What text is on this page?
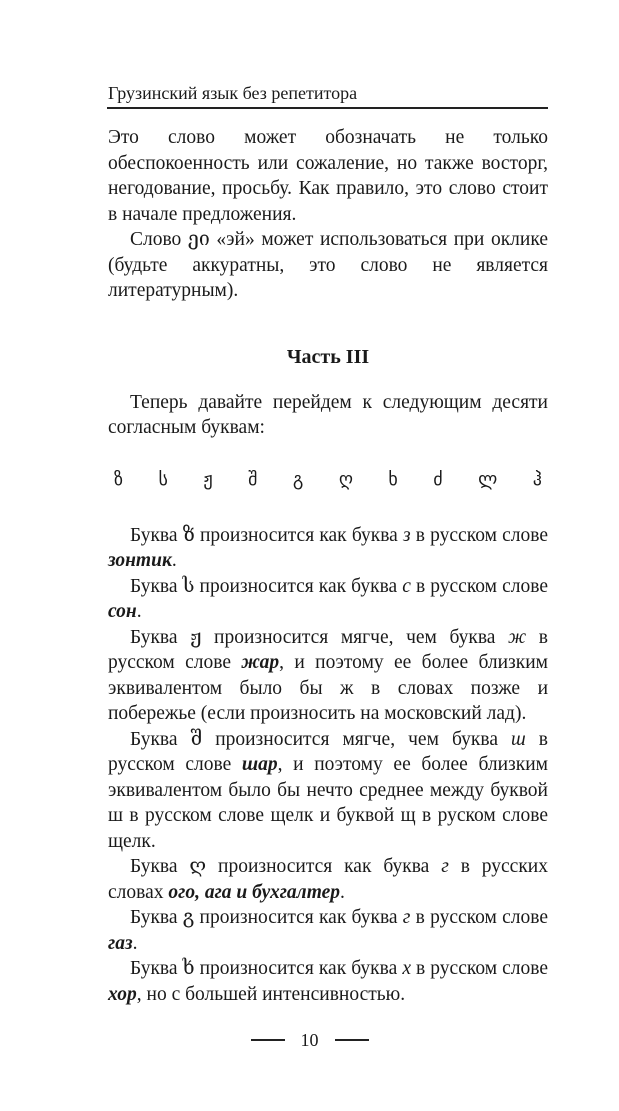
Грузинский язык без репетитора

Это слово может обозначать не только обеспокоенность или сожаление, но также восторг, негодование, просьбу. Как правило, это слово стоит в начале предложения.

Слово ეი «эй» может использоваться при оклике (будьте аккуратны, это слово не является литературным).

Часть III

Теперь давайте перейдем к следующим десяти согласным буквам:

ზ ს ჟ შ გ ღ ხ ძ ლ ჰ

Буква ზ произносится как буква з в русском слове зонтик.

Буква ს произносится как буква с в русском слове сон.

Буква ჟ произносится мягче, чем буква ж в русском слове жар, и поэтому ее более близким эквивалентом было бы ж в словах позже и побережье (если произносить на московский лад).

Буква შ произносится мягче, чем буква ш в русском слове шар, и поэтому ее более близким эквивалентом было бы нечто среднее между буквой ш в русском слове щелк и буквой щ в руском слове щелк.

Буква ღ произносится как буква г в русских словах ого, ага и бухгалтер.

Буква გ произносится как буква г в русском слове газ.

Буква ხ произносится как буква х в русском слове хор, но с большей интенсивностью.

10
